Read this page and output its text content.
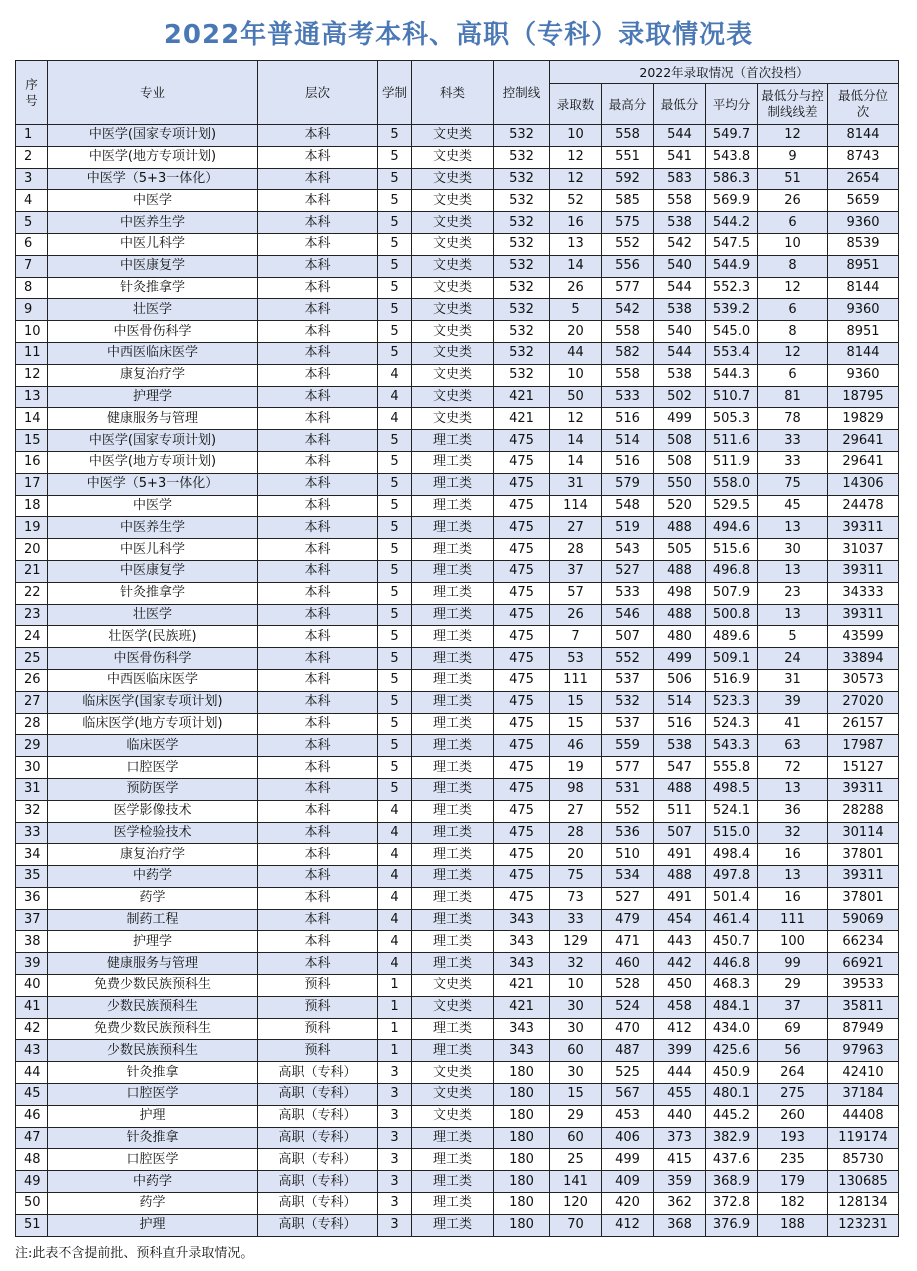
2022年普通高考本科、高职（专科）录取情况表
序号	专业	层次	学制	科类	控制线	2022年录取情况（首次投档）					
						录取数	最高分	最低分	平均分	最低分与控制线线差	最低分位次
1	中医学(国家专项计划)	本科	5	文史类	532	10	558	544	549.7	12	8144
2	中医学(地方专项计划)	本科	5	文史类	532	12	551	541	543.8	9	8743
3	中医学（5+3一体化）	本科	5	文史类	532	12	592	583	586.3	51	2654
4	中医学	本科	5	文史类	532	52	585	558	569.9	26	5659
5	中医养生学	本科	5	文史类	532	16	575	538	544.2	6	9360
6	中医儿科学	本科	5	文史类	532	13	552	542	547.5	10	8539
7	中医康复学	本科	5	文史类	532	14	556	540	544.9	8	8951
8	针灸推拿学	本科	5	文史类	532	26	577	544	552.3	12	8144
9	壮医学	本科	5	文史类	532	5	542	538	539.2	6	9360
10	中医骨伤科学	本科	5	文史类	532	20	558	540	545.0	8	8951
11	中西医临床医学	本科	5	文史类	532	44	582	544	553.4	12	8144
12	康复治疗学	本科	4	文史类	532	10	558	538	544.3	6	9360
13	护理学	本科	4	文史类	421	50	533	502	510.7	81	18795
14	健康服务与管理	本科	4	文史类	421	12	516	499	505.3	78	19829
15	中医学(国家专项计划)	本科	5	理工类	475	14	514	508	511.6	33	29641
16	中医学(地方专项计划)	本科	5	理工类	475	14	516	508	511.9	33	29641
17	中医学（5+3一体化）	本科	5	理工类	475	31	579	550	558.0	75	14306
18	中医学	本科	5	理工类	475	114	548	520	529.5	45	24478
19	中医养生学	本科	5	理工类	475	27	519	488	494.6	13	39311
20	中医儿科学	本科	5	理工类	475	28	543	505	515.6	30	31037
21	中医康复学	本科	5	理工类	475	37	527	488	496.8	13	39311
22	针灸推拿学	本科	5	理工类	475	57	533	498	507.9	23	34333
23	壮医学	本科	5	理工类	475	26	546	488	500.8	13	39311
24	壮医学(民族班)	本科	5	理工类	475	7	507	480	489.6	5	43599
25	中医骨伤科学	本科	5	理工类	475	53	552	499	509.1	24	33894
26	中西医临床医学	本科	5	理工类	475	111	537	506	516.9	31	30573
27	临床医学(国家专项计划)	本科	5	理工类	475	15	532	514	523.3	39	27020
28	临床医学(地方专项计划)	本科	5	理工类	475	15	537	516	524.3	41	26157
29	临床医学	本科	5	理工类	475	46	559	538	543.3	63	17987
30	口腔医学	本科	5	理工类	475	19	577	547	555.8	72	15127
31	预防医学	本科	5	理工类	475	98	531	488	498.5	13	39311
32	医学影像技术	本科	4	理工类	475	27	552	511	524.1	36	28288
33	医学检验技术	本科	4	理工类	475	28	536	507	515.0	32	30114
34	康复治疗学	本科	4	理工类	475	20	510	491	498.4	16	37801
35	中药学	本科	4	理工类	475	75	534	488	497.8	13	39311
36	药学	本科	4	理工类	475	73	527	491	501.4	16	37801
37	制药工程	本科	4	理工类	343	33	479	454	461.4	111	59069
38	护理学	本科	4	理工类	343	129	471	443	450.7	100	66234
39	健康服务与管理	本科	4	理工类	343	32	460	442	446.8	99	66921
40	免费少数民族预科生	预科	1	文史类	421	10	528	450	468.3	29	39533
41	少数民族预科生	预科	1	文史类	421	30	524	458	484.1	37	35811
42	免费少数民族预科生	预科	1	理工类	343	30	470	412	434.0	69	87949
43	少数民族预科生	预科	1	理工类	343	60	487	399	425.6	56	97963
44	针灸推拿	高职（专科）	3	文史类	180	30	525	444	450.9	264	42410
45	口腔医学	高职（专科）	3	文史类	180	15	567	455	480.1	275	37184
46	护理	高职（专科）	3	文史类	180	29	453	440	445.2	260	44408
47	针灸推拿	高职（专科）	3	理工类	180	60	406	373	382.9	193	119174
48	口腔医学	高职（专科）	3	理工类	180	25	499	415	437.6	235	85730
49	中药学	高职（专科）	3	理工类	180	141	409	359	368.9	179	130685
50	药学	高职（专科）	3	理工类	180	120	420	362	372.8	182	128134
51	护理	高职（专科）	3	理工类	180	70	412	368	376.9	188	123231
注:此表不含提前批、预科直升录取情况。
